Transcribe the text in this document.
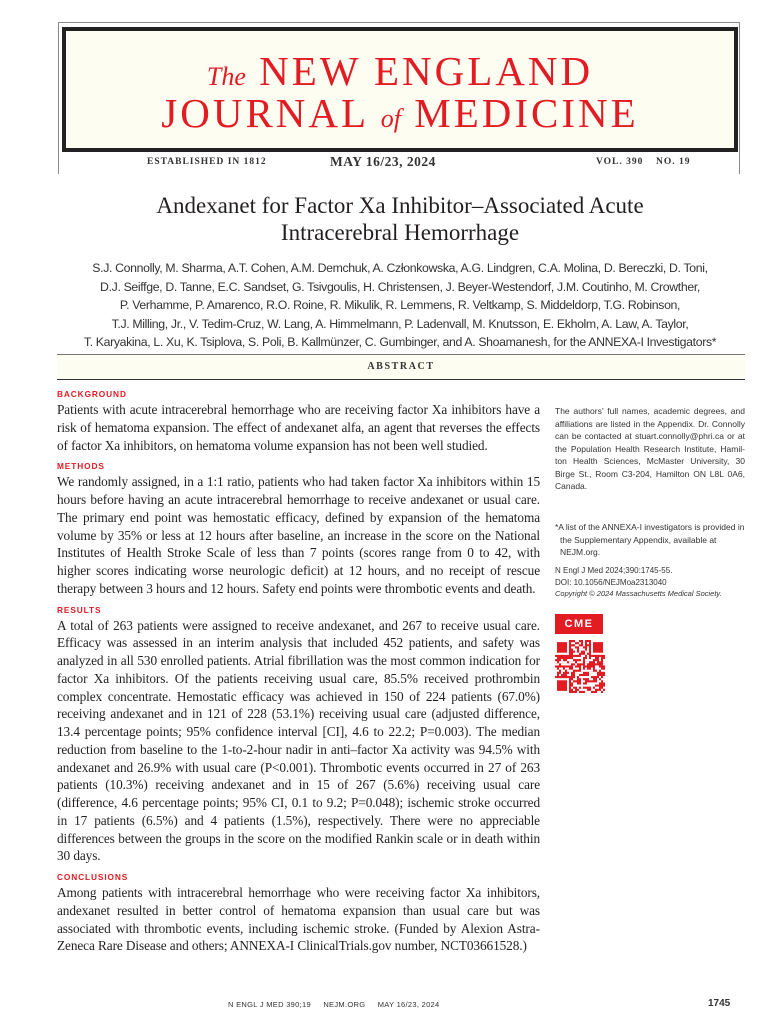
The NEW ENGLAND
JOURNAL of MEDICINE
ESTABLISHED IN 1812	MAY 16/23, 2024	VOL. 390 NO. 19
Andexanet for Factor Xa Inhibitor–Associated Acute
Intracerebral Hemorrhage
S.J. Connolly, M. Sharma, A.T. Cohen, A.M. Demchuk, A. Członkowska, A.G. Lindgren, C.A. Molina, D. Bereczki, D. Toni,
D.J. Seiffge, D. Tanne, E.C. Sandset, G. Tsivgoulis, H. Christensen, J. Beyer-Westendorf, J.M. Coutinho, M. Crowther,
P. Verhamme, P. Amarenco, R.O. Roine, R. Mikulik, R. Lemmens, R. Veltkamp, S. Middeldorp, T.G. Robinson,
T.J. Milling, Jr., V. Tedim-Cruz, W. Lang, A. Himmelmann, P. Ladenvall, M. Knutsson, E. Ekholm, A. Law, A. Taylor,
T. Karyakina, L. Xu, K. Tsiplova, S. Poli, B. Kallmünzer, C. Gumbinger, and A. Shoamanesh, for the ANNEXA-I Investigators*
ABSTRACT
BACKGROUND
Patients with acute intracerebral hemorrhage who are receiving factor Xa inhibitors have a risk of hematoma expansion. The effect of andexanet alfa, an agent that reverses the effects of factor Xa inhibitors, on hematoma volume expansion has not been well studied.
METHODS
We randomly assigned, in a 1:1 ratio, patients who had taken factor Xa inhibitors within 15 hours before having an acute intracerebral hemorrhage to receive andexanet or usual care. The primary end point was hemostatic efficacy, defined by expansion of the hematoma volume by 35% or less at 12 hours after baseline, an increase in the score on the National Institutes of Health Stroke Scale of less than 7 points (scores range from 0 to 42, with higher scores indicating worse neurologic deficit) at 12 hours, and no receipt of rescue therapy between 3 hours and 12 hours. Safety end points were thrombotic events and death.
RESULTS
A total of 263 patients were assigned to receive andexanet, and 267 to receive usual care. Efficacy was assessed in an interim analysis that included 452 patients, and safety was analyzed in all 530 enrolled patients. Atrial fibrillation was the most common indication for factor Xa inhibitors. Of the patients receiving usual care, 85.5% received prothrombin complex concentrate. Hemostatic efficacy was achieved in 150 of 224 patients (67.0%) receiving andexanet and in 121 of 228 (53.1%) receiving usual care (adjusted difference, 13.4 percentage points; 95% confidence interval [CI], 4.6 to 22.2; P=0.003). The median reduction from baseline to the 1-to-2-hour nadir in anti–factor Xa activity was 94.5% with andexanet and 26.9% with usual care (P<0.001). Thrombotic events occurred in 27 of 263 patients (10.3%) receiving andexanet and in 15 of 267 (5.6%) receiving usual care (difference, 4.6 percentage points; 95% CI, 0.1 to 9.2; P=0.048); ischemic stroke occurred in 17 patients (6.5%) and 4 patients (1.5%), respectively. There were no appreciable differences between the groups in the score on the modified Rankin scale or in death within 30 days.
CONCLUSIONS
Among patients with intracerebral hemorrhage who were receiving factor Xa inhibitors, andexanet resulted in better control of hematoma expansion than usual care but was associated with thrombotic events, including ischemic stroke. (Funded by Alexion AstraZeneca Rare Disease and others; ANNEXA-I ClinicalTrials.gov number, NCT03661528.)
The authors’ full names, academic degrees, and affiliations are listed in the Appendix. Dr. Connolly can be contacted at stuart.connolly@phri.ca or at the Population Health Research Institute, Hamilton Health Sciences, McMaster University, 30 Birge St., Room C3-204, Hamilton ON L8L 0A6, Canada.
*A list of the ANNEXA-I investigators is provided in the Supplementary Appendix, available at NEJM.org.
N Engl J Med 2024;390:1745-55.
DOI: 10.1056/NEJMoa2313040
Copyright © 2024 Massachusetts Medical Society.
CME
N ENGL J MED 390;19 NEJM.ORG MAY 16/23, 2024	1745
